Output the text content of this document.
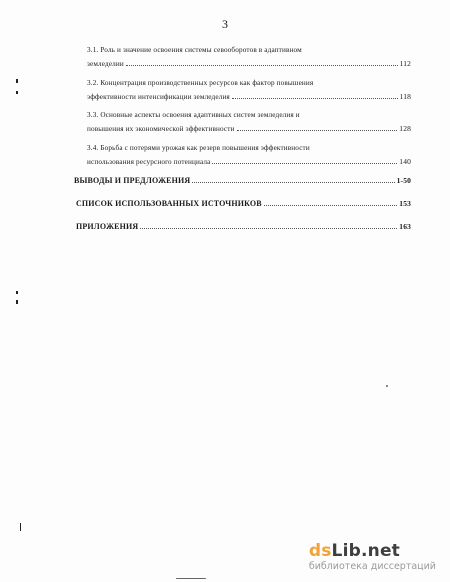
3
3.1. Роль и значение освоения системы севооборотов в адаптивном
земледелии	112
3.2. Концентрация производственных ресурсов как фактор повышения
эффективности интенсификации земледелия	118
3.3. Основные аспекты освоения адаптивных систем земледелия и
повышения их экономической эффективности	128
3.4. Борьба с потерями урожая как резерв повышения эффективности
использования ресурсного потенциала	140
ВЫВОДЫ И ПРЕДЛОЖЕНИЯ	1-50
СПИСОК ИСПОЛЬЗОВАННЫХ ИСТОЧНИКОВ	153
ПРИЛОЖЕНИЯ	163
dsLib.net
библиотека диссертаций
